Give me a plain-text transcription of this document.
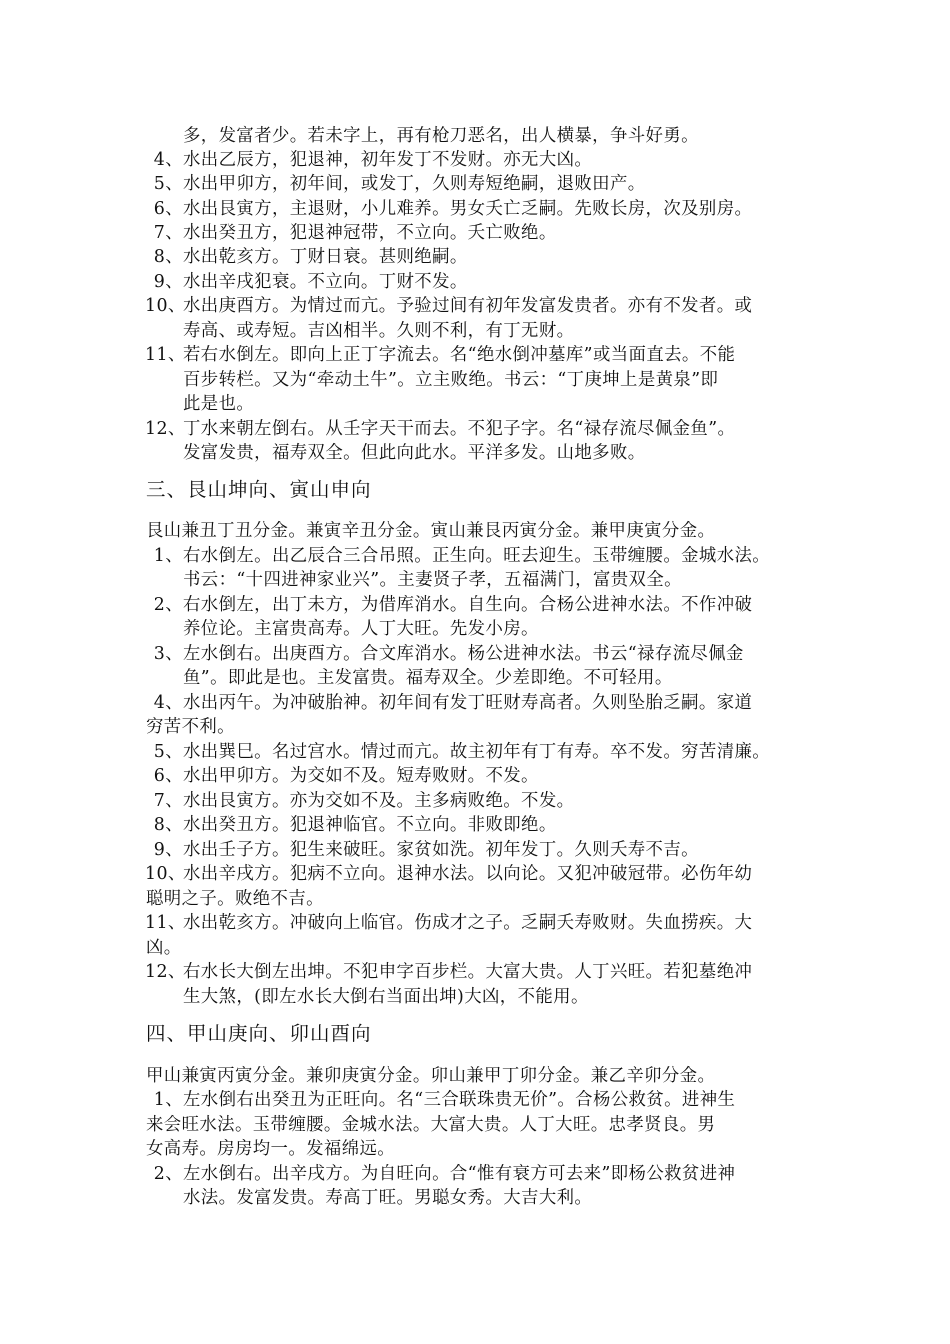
多，发富者少。若未字上，再有枪刀恶名，出人横暴，争斗好勇。
4、水出乙辰方，犯退神，初年发丁不发财。亦无大凶。
5、水出甲卯方，初年间，或发丁，久则寿短绝嗣，退败田产。
6、水出艮寅方，主退财，小儿难养。男女夭亡乏嗣。先败长房，次及别房。
7、水出癸丑方，犯退神冠带，不立向。夭亡败绝。
8、水出乾亥方。丁财日衰。甚则绝嗣。
9、水出辛戌犯衰。不立向。丁财不发。
10、水出庚酉方。为情过而亢。予验过间有初年发富发贵者。亦有不发者。或
寿高、或寿短。吉凶相半。久则不利，有丁无财。
11、若右水倒左。即向上正丁字流去。名“绝水倒冲墓库”或当面直去。不能
百步转栏。又为“牵动土牛”。立主败绝。书云：“丁庚坤上是黄泉”即
此是也。
12、丁水来朝左倒右。从壬字天干而去。不犯子字。名“禄存流尽佩金鱼”。
发富发贵，福寿双全。但此向此水。平洋多发。山地多败。
三、艮山坤向、寅山申向
艮山兼丑丁丑分金。兼寅辛丑分金。寅山兼艮丙寅分金。兼甲庚寅分金。
1、右水倒左。出乙辰合三合吊照。正生向。旺去迎生。玉带缠腰。金城水法。
书云：“十四进神家业兴”。主妻贤子孝，五福满门，富贵双全。
2、右水倒左，出丁未方，为借库消水。自生向。合杨公进神水法。不作冲破
养位论。主富贵高寿。人丁大旺。先发小房。
3、左水倒右。出庚酉方。合文库消水。杨公进神水法。书云“禄存流尽佩金
鱼”。即此是也。主发富贵。福寿双全。少差即绝。不可轻用。
4、水出丙午。为冲破胎神。初年间有发丁旺财寿高者。久则坠胎乏嗣。家道
穷苦不利。
5、水出巽巳。名过宫水。情过而亢。故主初年有丁有寿。卒不发。穷苦清廉。
6、水出甲卯方。为交如不及。短寿败财。不发。
7、水出艮寅方。亦为交如不及。主多病败绝。不发。
8、水出癸丑方。犯退神临官。不立向。非败即绝。
9、水出壬子方。犯生来破旺。家贫如洗。初年发丁。久则夭寿不吉。
10、水出辛戌方。犯病不立向。退神水法。以向论。又犯冲破冠带。必伤年幼
聪明之子。败绝不吉。
11、水出乾亥方。冲破向上临官。伤成才之子。乏嗣夭寿败财。失血捞疾。大
凶。
12、右水长大倒左出坤。不犯申字百步栏。大富大贵。人丁兴旺。若犯墓绝冲
生大煞，(即左水长大倒右当面出坤)大凶，不能用。
四、甲山庚向、卯山酉向
甲山兼寅丙寅分金。兼卯庚寅分金。卯山兼甲丁卯分金。兼乙辛卯分金。
1、左水倒右出癸丑为正旺向。名“三合联珠贵无价”。合杨公救贫。进神生
来会旺水法。玉带缠腰。金城水法。大富大贵。人丁大旺。忠孝贤良。男
女高寿。房房均一。发福绵远。
2、左水倒右。出辛戌方。为自旺向。合“惟有衰方可去来”即杨公救贫进神
水法。发富发贵。寿高丁旺。男聪女秀。大吉大利。
